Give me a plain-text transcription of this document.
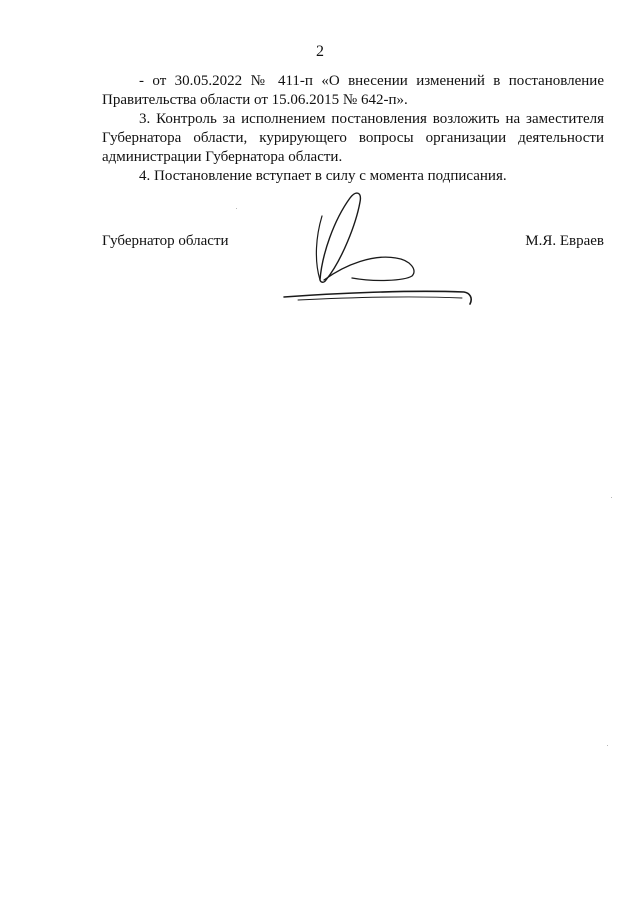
2

- от 30.05.2022 № 411-п «О внесении изменений в постановление Правительства области от 15.06.2015 № 642-п».

3. Контроль за исполнением постановления возложить на заместителя Губернатора области, курирующего вопросы организации деятельности администрации Губернатора области.

4. Постановление вступает в силу с момента подписания.

Губернатор области	М.Я. Евраев
